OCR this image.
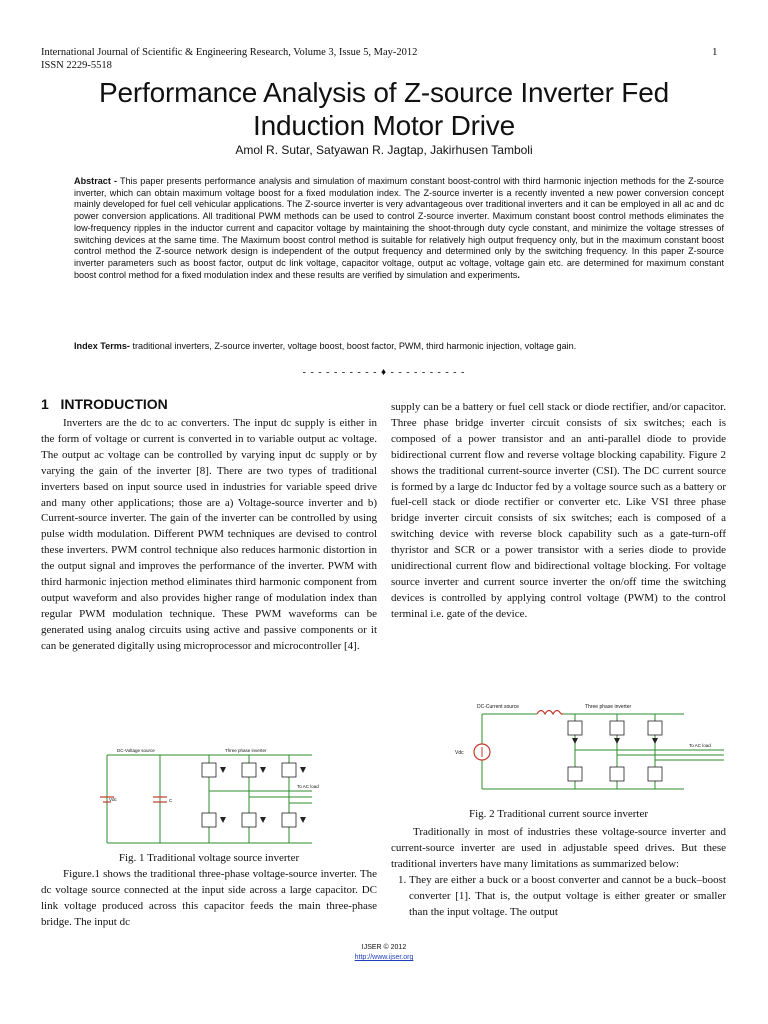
International Journal of Scientific & Engineering Research, Volume 3, Issue 5, May-2012
ISSN 2229-5518
1
Performance Analysis of Z-source Inverter Fed
Induction Motor Drive
Amol R. Sutar, Satyawan R. Jagtap, Jakirhusen Tamboli
Abstract - This paper presents performance analysis and simulation of maximum constant boost-control with third harmonic injection methods for the Z-source inverter, which can obtain maximum voltage boost for a fixed modulation index. The Z-source inverter is a recently invented a new power conversion concept mainly developed for fuel cell vehicular applications. The Z-source inverter is very advantageous over traditional inverters and it can be employed in all ac and dc power conversion applications. All traditional PWM methods can be used to control Z-source inverter. Maximum constant boost control methods eliminates the low-frequency ripples in the inductor current and capacitor voltage by maintaining the shoot-through duty cycle constant, and minimize the voltage stresses of switching devices at the same time. The Maximum boost control method is suitable for relatively high output frequency only, but in the maximum constant boost control method the Z-source network design is independent of the output frequency and determined only by the switching frequency. In this paper Z-source inverter parameters such as boost factor, output dc link voltage, capacitor voltage, output ac voltage, voltage gain etc. are determined for maximum constant boost control method for a fixed modulation index and these results are verified by simulation and experiments.
Index Terms- traditional inverters, Z-source inverter, voltage boost, boost factor, PWM, third harmonic injection, voltage gain.
- - - - - - - - - - ♦ - - - - - - - - - -
1 INTRODUCTION

Inverters are the dc to ac converters. The input dc supply is either in the form of voltage or current is converted in to variable output ac voltage. The output ac voltage can be controlled by varying input dc supply or by varying the gain of the inverter [8]. There are two types of traditional inverters based on input source used in industries for variable speed drive and many other applications; those are a) Voltage-source inverter and b) Current-source inverter. The gain of the inverter can be controlled by using pulse width modulation. Different PWM techniques are devised to control these inverters. PWM control technique also reduces harmonic distortion in the output signal and improves the performance of the inverter. PWM with third harmonic injection method eliminates third harmonic component from output waveform and also provides higher range of modulation index than regular PWM modulation technique. These PWM waveforms can be generated using analog circuits using active and passive components or it can be generated digitally using microprocessor and microcontroller [4].

DC-Voltage source	Three phase inverter
Vdc	C
To AC load
Fig. 1 Traditional voltage source inverter

Figure.1 shows the traditional three-phase voltage-source inverter. The dc voltage source connected at the input side across a large capacitor. DC link voltage produced across this capacitor feeds the main three-phase bridge. The input dc

supply can be a battery or fuel cell stack or diode rectifier, and/or capacitor. Three phase bridge inverter circuit consists of six switches; each is composed of a power transistor and an anti-parallel diode to provide bidirectional current flow and reverse voltage blocking capability. Figure 2 shows the traditional current-source inverter (CSI). The DC current source is formed by a large dc Inductor fed by a voltage source such as a battery or fuel-cell stack or diode rectifier or converter etc. Like VSI three phase bridge inverter circuit consists of six switches; each is composed of a switching device with reverse block capability such as a gate-turn-off thyristor and SCR or a power transistor with a series diode to provide unidirectional current flow and bidirectional voltage blocking. For voltage source inverter and current source inverter the on/off time the switching devices is controlled by applying control voltage (PWM) to the control terminal i.e. gate of the device.

DC-Current source	Three phase inverter
Vdc
To AC load
Fig. 2 Traditional current source inverter

Traditionally in most of industries these voltage-source inverter and current-source inverter are used in adjustable speed drives. But these traditional inverters have many limitations as summarized below:

1. They are either a buck or a boost converter and cannot be a buck–boost converter [1]. That is, the output voltage is either greater or smaller than the input voltage. The output
IJSER © 2012
http://www.ijser.org
